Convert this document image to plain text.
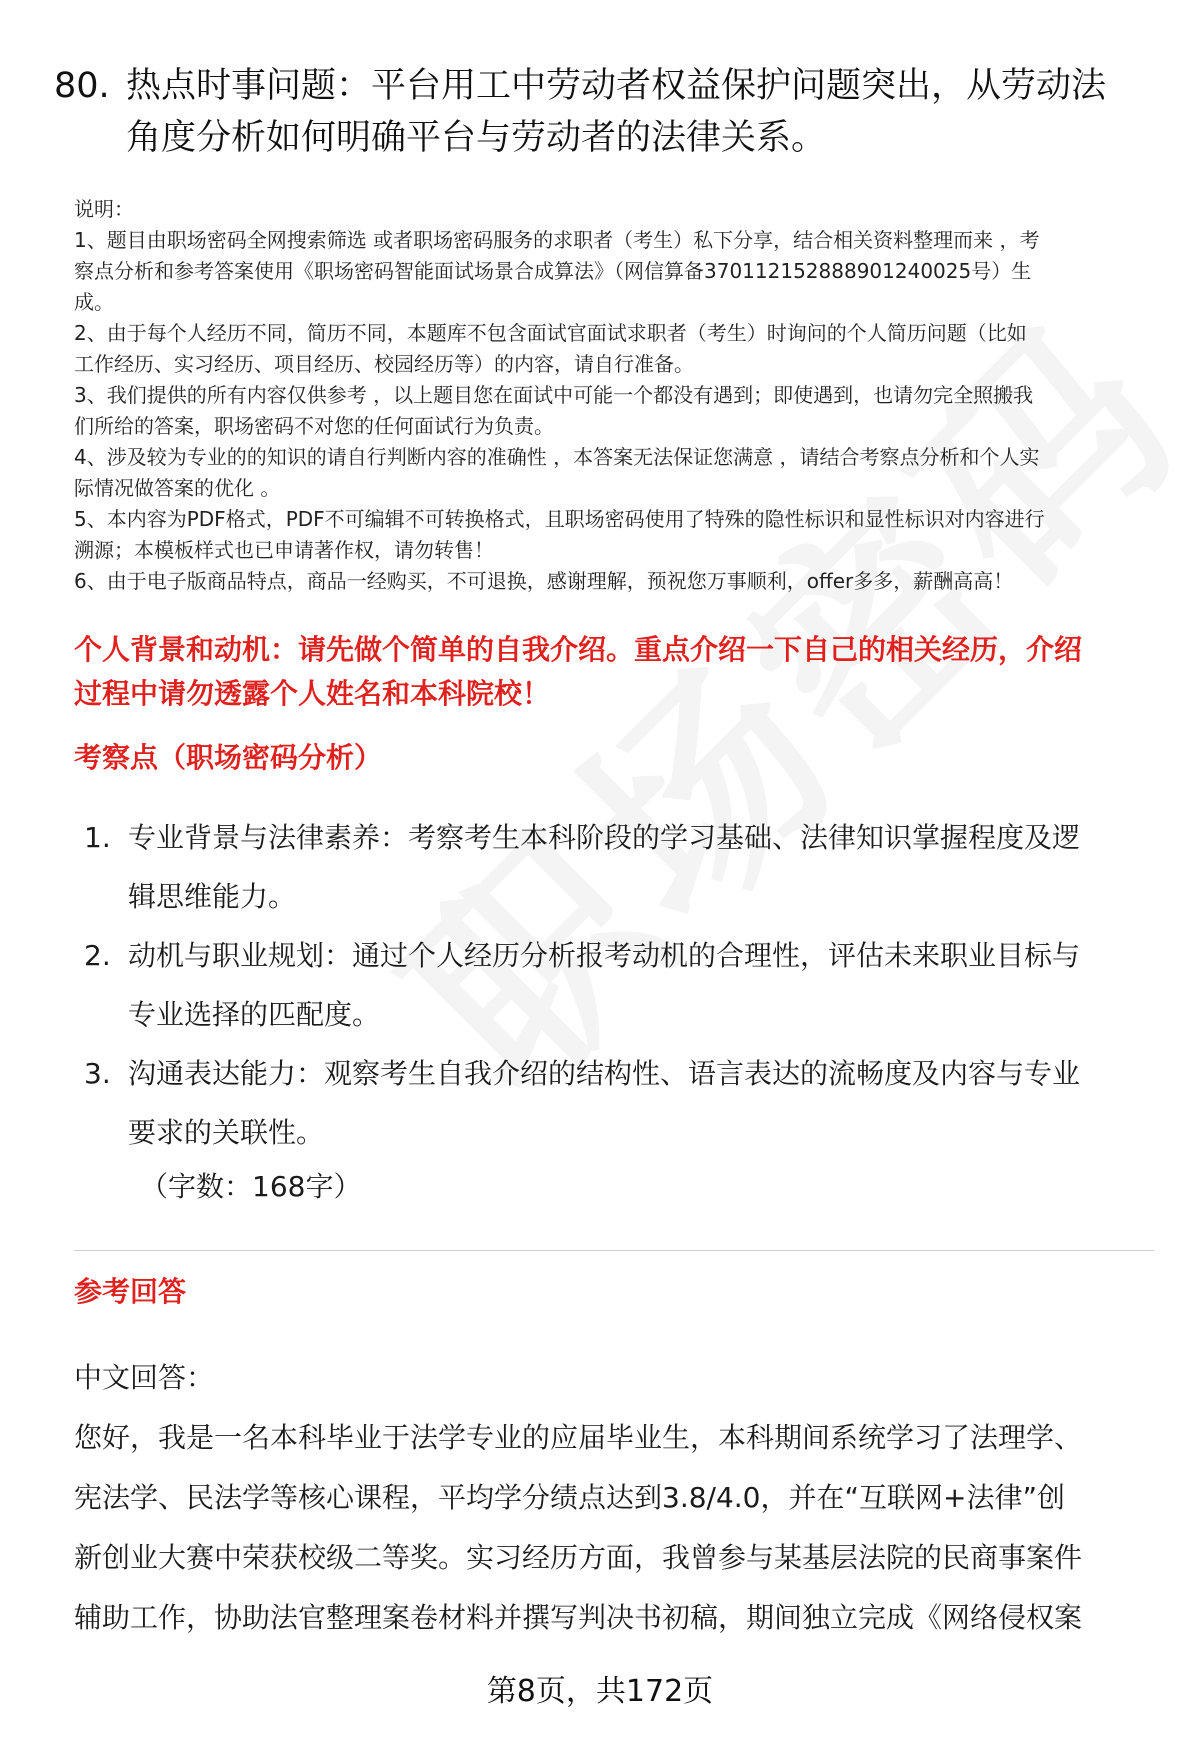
80. 热点时事问题：平台用工中劳动者权益保护问题突出，从劳动法
角度分析如何明确平台与劳动者的法律关系。

说明：

1、题目由职场密码全网搜索筛选 或者职场密码服务的求职者（考生）私下分享，结合相关资料整理而来 ，考

察点分析和参考答案使用《职场密码智能面试场景合成算法》（网信算备370112152888901240025号）生

成。

2、由于每个人经历不同，简历不同，本题库不包含面试官面试求职者（考生）时询问的个人简历问题（比如

工作经历、实习经历、项目经历、校园经历等）的内容，请自行准备。

3、我们提供的所有内容仅供参考 ，以上题目您在面试中可能一个都没有遇到；即使遇到，也请勿完全照搬我

们所给的答案，职场密码不对您的任何面试行为负责。

4、涉及较为专业的的知识的请自行判断内容的准确性 ，本答案无法保证您满意 ，请结合考察点分析和个人实

际情况做答案的优化 。

5、本内容为PDF格式，PDF不可编辑不可转换格式，且职场密码使用了特殊的隐性标识和显性标识对内容进行

溯源；本模板样式也已申请著作权，请勿转售！

6、由于电子版商品特点，商品一经购买，不可退换，感谢理解，预祝您万事顺利，offer多多，薪酬高高！

个人背景和动机：请先做个简单的自我介绍。重点介绍一下自己的相关经历，介绍
过程中请勿透露个人姓名和本科院校！
考察点（职场密码分析）
1. 专业背景与法律素养：考察考生本科阶段的学习基础、法律知识掌握程度及逻
辑思维能力。
2. 动机与职业规划：通过个人经历分析报考动机的合理性，评估未来职业目标与
专业选择的匹配度。
3. 沟通表达能力：观察考生自我介绍的结构性、语言表达的流畅度及内容与专业
要求的关联性。
（字数：168字）
参考回答

中文回答：

您好，我是一名本科毕业于法学专业的应届毕业生，本科期间系统学习了法理学、

宪法学、民法学等核心课程，平均学分绩点达到3.8/4.0，并在“互联网+法律”创

新创业大赛中荣获校级二等奖。实习经历方面，我曾参与某基层法院的民商事案件

辅助工作，协助法官整理案卷材料并撰写判决书初稿，期间独立完成《网络侵权案

第8页，共172页
